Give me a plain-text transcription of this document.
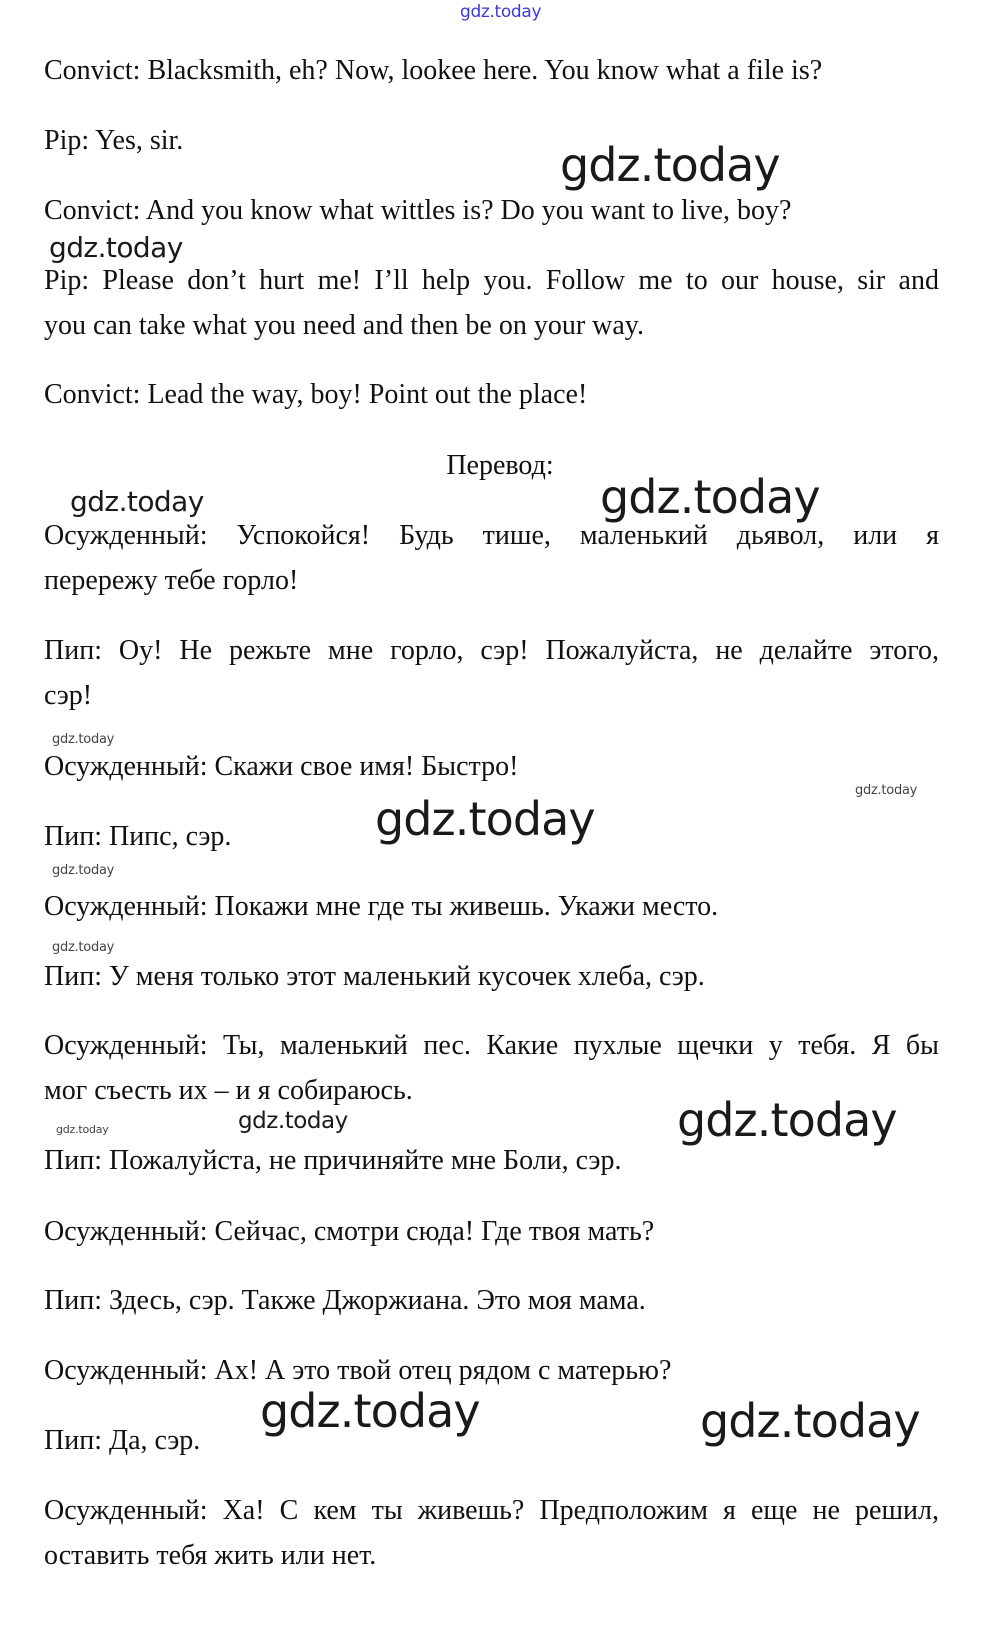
gdz.today
Convict: Blacksmith, eh? Now, lookee here. You know what a file is?
Pip: Yes, sir.
Convict: And you know what wittles is? Do you want to live, boy?
Pip: Please don’t hurt me! I’ll help you. Follow me to our house, sir and
you can take what you need and then be on your way.
Convict: Lead the way, boy! Point out the place!
Перевод:
Осужденный: Успокойся! Будь тише, маленький дьявол, или я
перережу тебе горло!
Пип: Оу! Не режьте мне горло, сэр! Пожалуйста, не делайте этого,
сэр!
Осужденный: Скажи свое имя! Быстро!
Пип: Пипс, сэр.
Осужденный: Покажи мне где ты живешь. Укажи место.
Пип: У меня только этот маленький кусочек хлеба, сэр.
Осужденный: Ты, маленький пес. Какие пухлые щечки у тебя. Я бы
мог съесть их – и я собираюсь.
Пип: Пожалуйста, не причиняйте мне Боли, сэр.
Осужденный: Сейчас, смотри сюда! Где твоя мать?
Пип: Здесь, сэр. Также Джоржиана. Это моя мама.
Осужденный: Ах! А это твой отец рядом с матерью?
Пип: Да, сэр.
Осужденный: Ха! С кем ты живешь? Предположим я еще не решил,
оставить тебя жить или нет.
gdz.today
gdz.today
gdz.today	gdz.today
gdz.today
gdz.today
gdz.today
gdz.today
gdz.today
gdz.today	gdz.today
gdz.today
gdz.today	gdz.today
